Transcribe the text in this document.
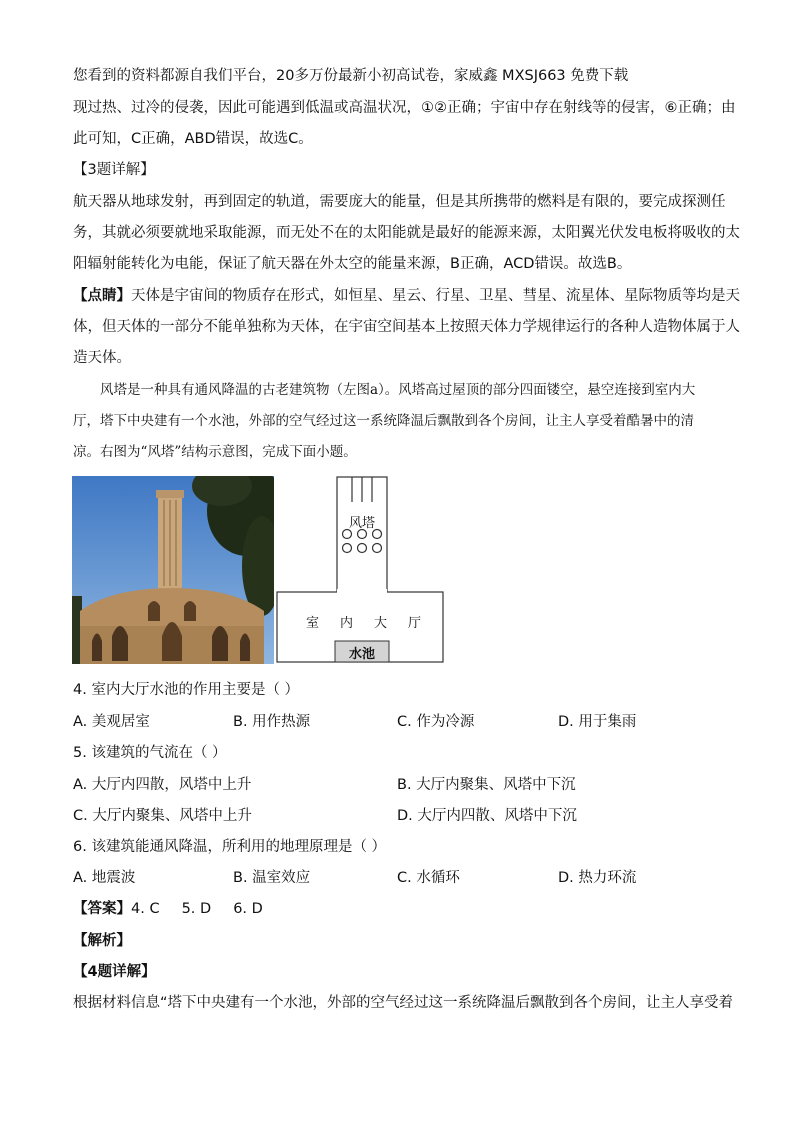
您看到的资料都源自我们平台，20多万份最新小初高试卷，家威鑫 MXSJ663 免费下载
现过热、过冷的侵袭，因此可能遇到低温或高温状况，①②正确；宇宙中存在射线等的侵害，⑥正确；由
此可知，C正确，ABD错误，故选C。
【3题详解】
航天器从地球发射，再到固定的轨道，需要庞大的能量，但是其所携带的燃料是有限的，要完成探测任
务，其就必须要就地采取能源，而无处不在的太阳能就是最好的能源来源，太阳翼光伏发电板将吸收的太
阳辐射能转化为电能，保证了航天器在外太空的能量来源，B正确，ACD错误。故选B。
【点睛】天体是宇宙间的物质存在形式，如恒星、星云、行星、卫星、彗星、流星体、星际物质等均是天
体，但天体的一部分不能单独称为天体，在宇宙空间基本上按照天体力学规律运行的各种人造物体属于人
造天体。
风塔是一种具有通风降温的古老建筑物（左图a）。风塔高过屋顶的部分四面镂空，悬空连接到室内大
厅，塔下中央建有一个水池，外部的空气经过这一系统降温后飘散到各个房间，让主人享受着酷暑中的清
凉。右图为“风塔”结构示意图，完成下面小题。
风塔
室 内 大 厅
水池
4. 室内大厅水池的作用主要是（ ）
A. 美观居室	B. 用作热源	C. 作为冷源	D. 用于集雨
5. 该建筑的气流在（ ）
A. 大厅内四散，风塔中上升	B. 大厅内聚集、风塔中下沉
C. 大厅内聚集、风塔中上升	D. 大厅内四散、风塔中下沉
6. 该建筑能通风降温，所利用的地理原理是（ ）
A. 地震波	B. 温室效应	C. 水循环	D. 热力环流
【答案】4. C 5. D 6. D
【解析】
【4题详解】
根据材料信息“塔下中央建有一个水池，外部的空气经过这一系统降温后飘散到各个房间，让主人享受着
